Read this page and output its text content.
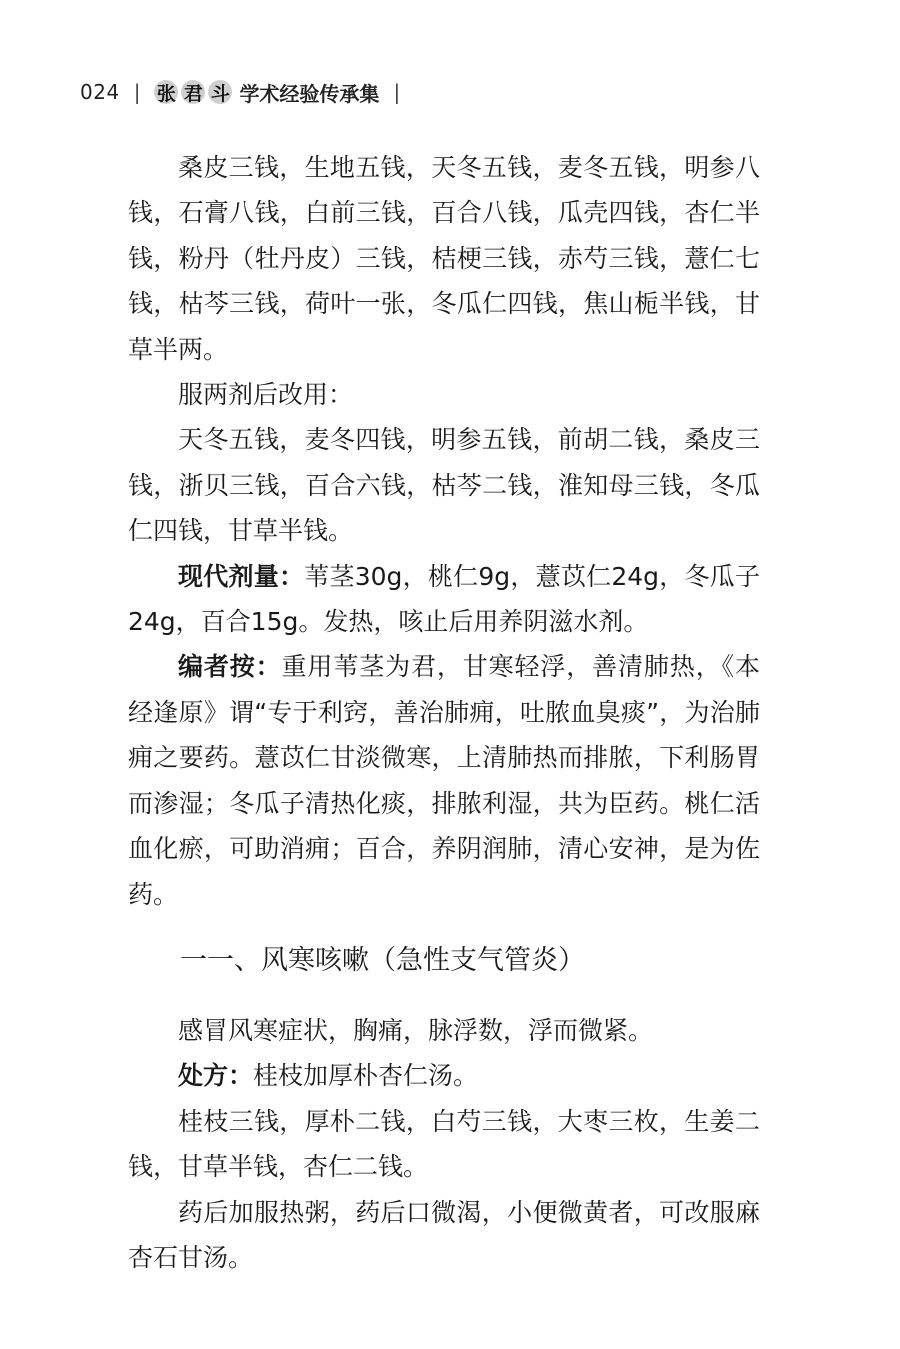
024 | 张 君 斗 学术经验传承集 |

桑皮三钱，生地五钱，天冬五钱，麦冬五钱，明参八钱，石膏八钱，白前三钱，百合八钱，瓜壳四钱，杏仁半钱，粉丹（牡丹皮）三钱，桔梗三钱，赤芍三钱，薏仁七钱，枯芩三钱，荷叶一张，冬瓜仁四钱，焦山栀半钱，甘草半两。

服两剂后改用：

天冬五钱，麦冬四钱，明参五钱，前胡二钱，桑皮三钱，浙贝三钱，百合六钱，枯芩二钱，淮知母三钱，冬瓜仁四钱，甘草半钱。

现代剂量：苇茎30g，桃仁9g，薏苡仁24g，冬瓜子24g，百合15g。发热，咳止后用养阴滋水剂。

编者按：重用苇茎为君，甘寒轻浮，善清肺热，《本经逢原》谓“专于利窍，善治肺痈，吐脓血臭痰”，为治肺痈之要药。薏苡仁甘淡微寒，上清肺热而排脓，下利肠胃而渗湿；冬瓜子清热化痰，排脓利湿，共为臣药。桃仁活血化瘀，可助消痈；百合，养阴润肺，清心安神，是为佐药。

一一、风寒咳嗽（急性支气管炎）

感冒风寒症状，胸痛，脉浮数，浮而微紧。

处方：桂枝加厚朴杏仁汤。

桂枝三钱，厚朴二钱，白芍三钱，大枣三枚，生姜二钱，甘草半钱，杏仁二钱。

药后加服热粥，药后口微渴，小便微黄者，可改服麻杏石甘汤。
